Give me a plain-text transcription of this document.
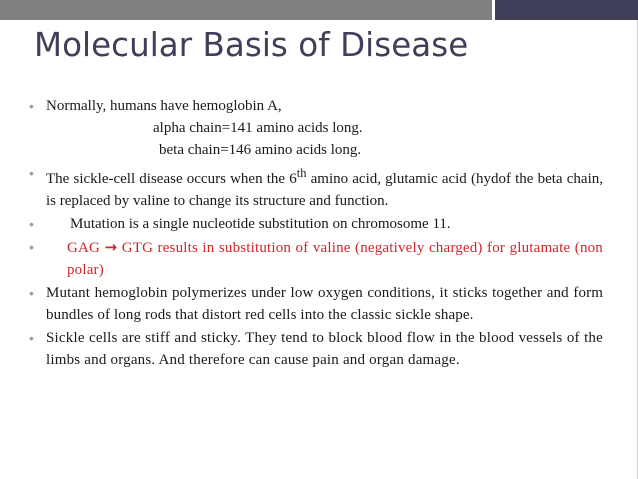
Molecular Basis of Disease
• Normally, humans have hemoglobin A,

alpha chain=141 amino acids long.

beta chain=146 amino acids long.

• The sickle-cell disease occurs when the 6th amino acid, glutamic acid (hydof the beta chain, is replaced by valine to change its structure and function.

•	Mutation is a single nucleotide substitution on chromosome 11.

•	GAG → GTG results in substitution of valine (negatively charged) for glutamate (non polar)

• Mutant hemoglobin polymerizes under low oxygen conditions, it sticks together and form bundles of long rods that distort red cells into the classic sickle shape.

• Sickle cells are stiff and sticky. They tend to block blood flow in the blood vessels of the limbs and organs. And therefore can cause pain and organ damage.
